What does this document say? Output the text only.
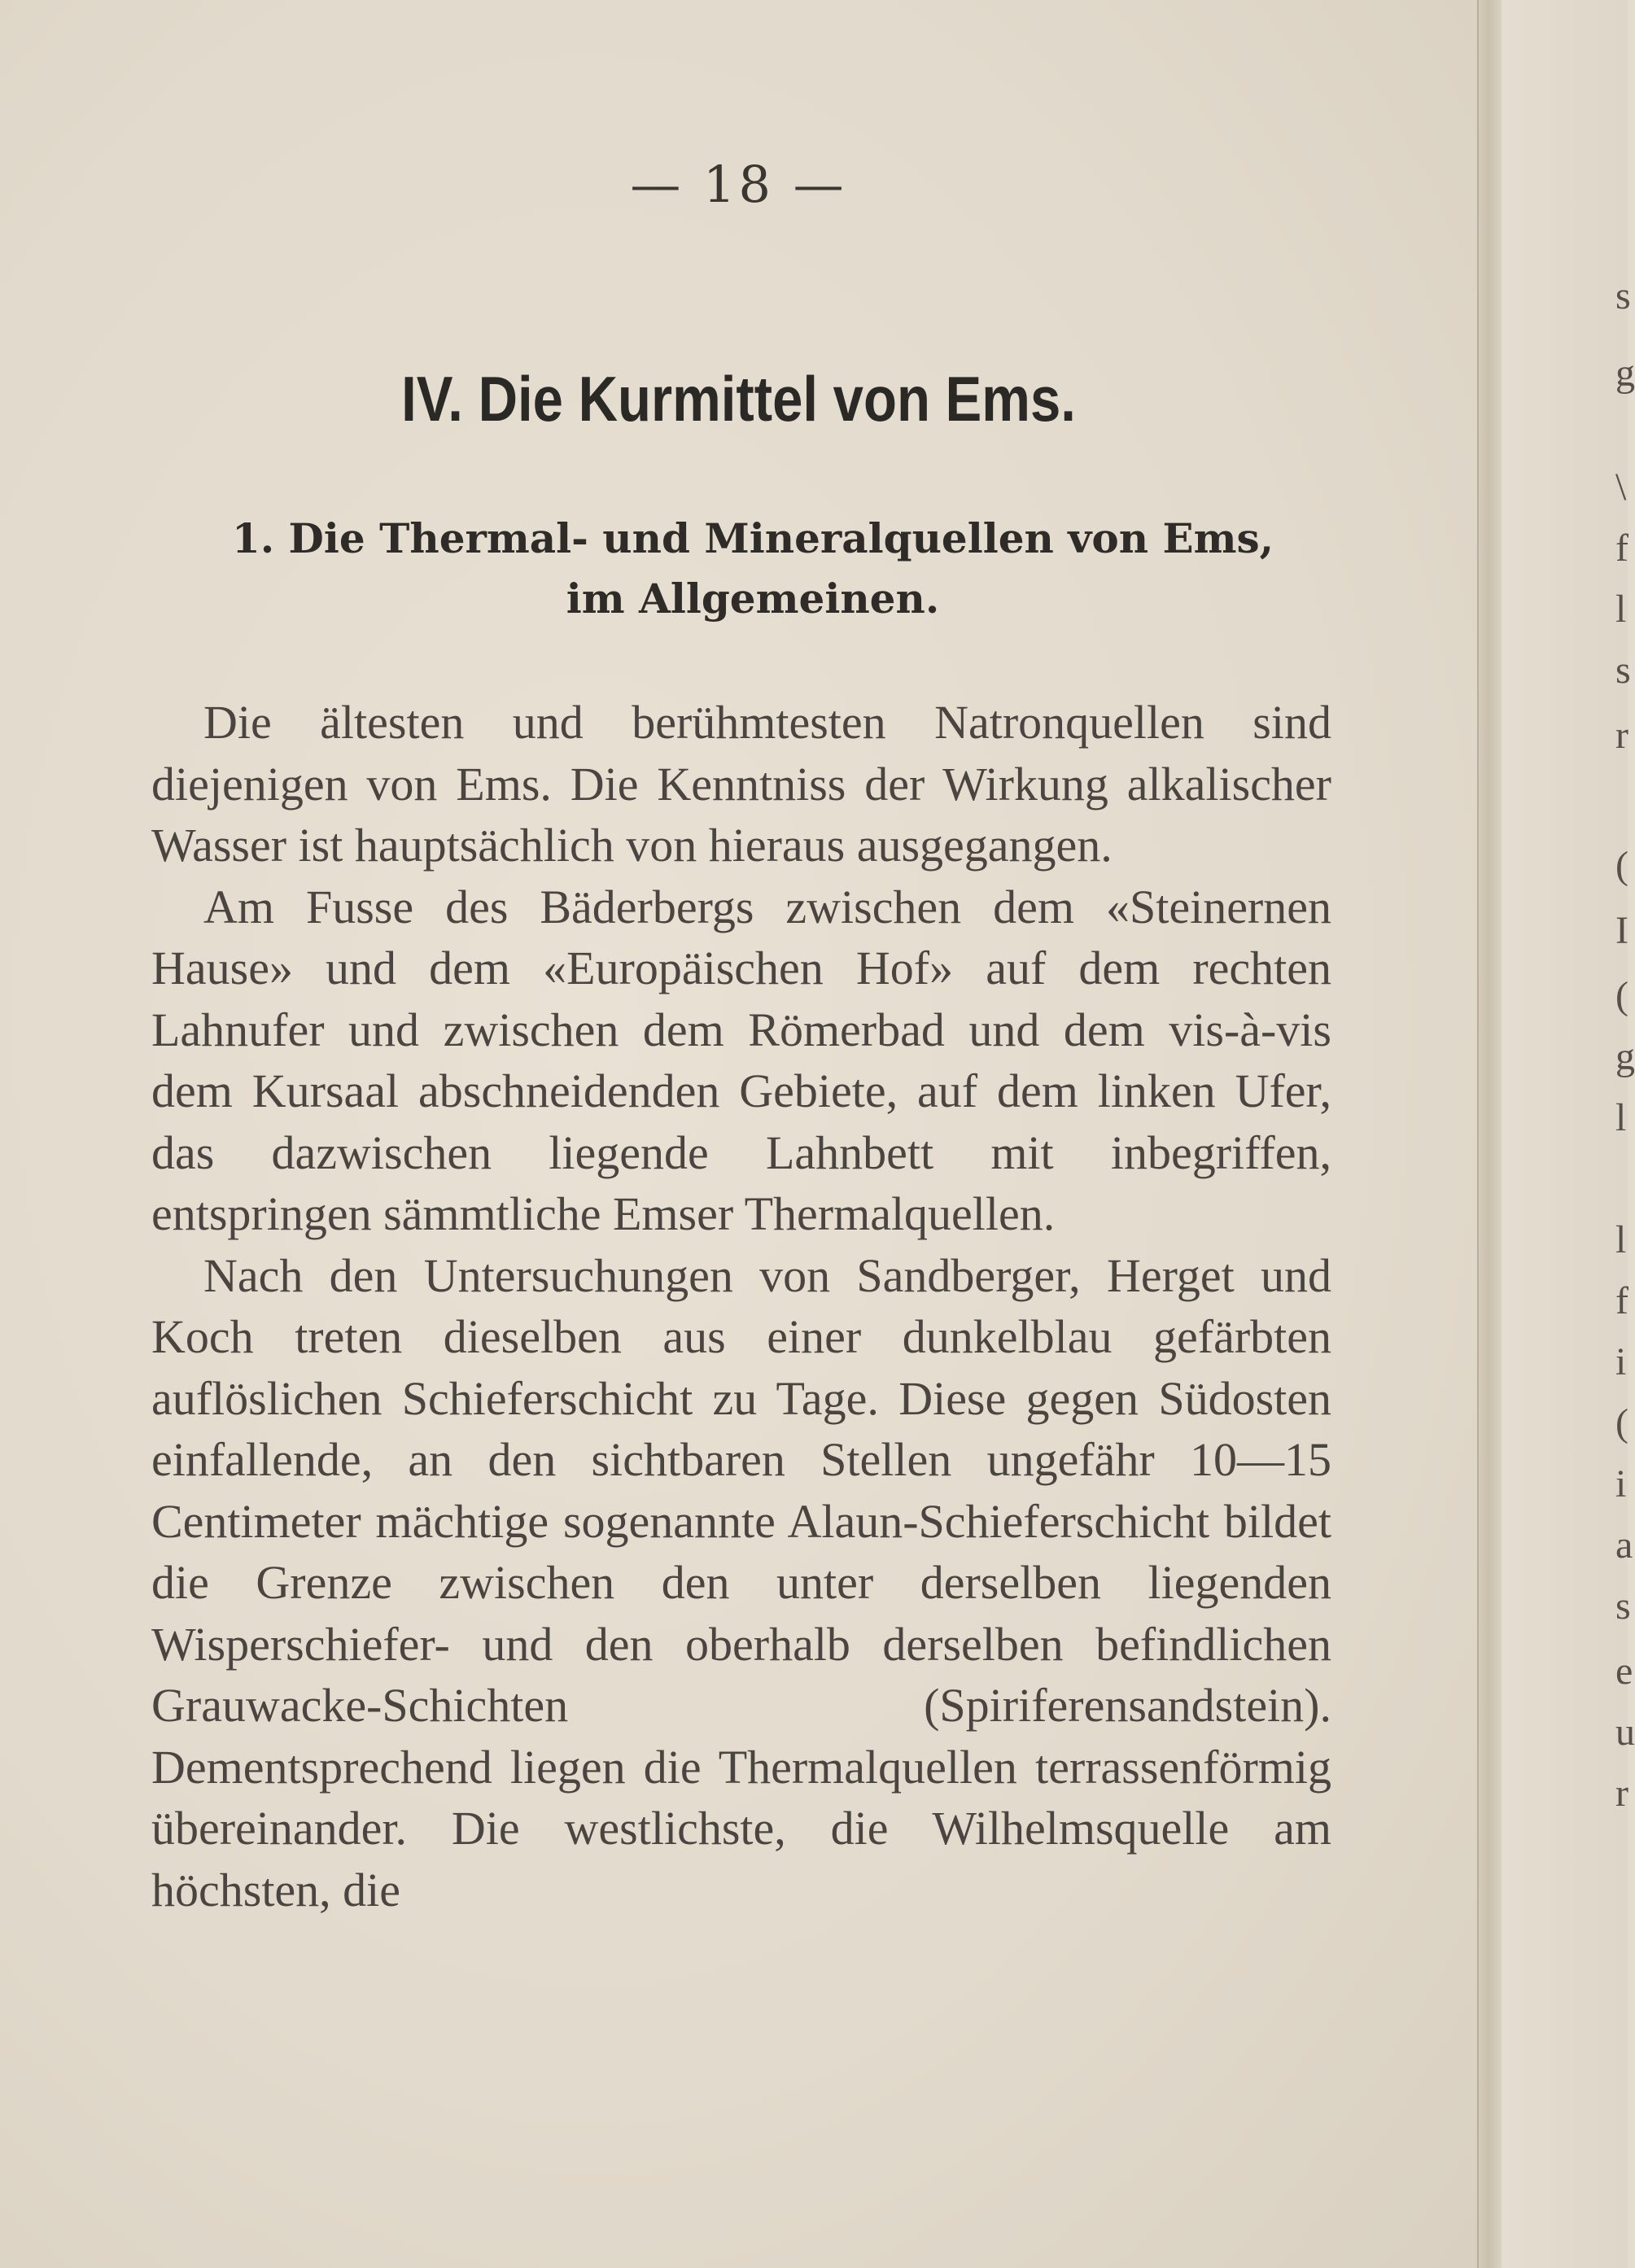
— 18 —
IV. Die Kurmittel von Ems.
1. Die Thermal- und Mineralquellen von Ems,
im Allgemeinen.

Die ältesten und berühmtesten Natronquellen sind diejenigen von Ems. Die Kenntniss der Wirkung alkalischer Wasser ist hauptsächlich von hieraus ausgegangen.

Am Fusse des Bäderbergs zwischen dem «Steinernen Hause» und dem «Europäischen Hof» auf dem rechten Lahnufer und zwischen dem Römerbad und dem vis-à-vis dem Kursaal abschneidenden Gebiete, auf dem linken Ufer, das dazwischen liegende Lahnbett mit inbegriffen, entspringen sämmtliche Emser Thermalquellen.

Nach den Untersuchungen von Sandberger, Herget und Koch treten dieselben aus einer dunkelblau gefärbten auflöslichen Schieferschicht zu Tage. Diese gegen Südosten einfallende, an den sichtbaren Stellen ungefähr 10—15 Centimeter mächtige sogenannte Alaun-Schieferschicht bildet die Grenze zwischen den unter derselben liegenden Wisperschiefer- und den oberhalb derselben befindlichen Grauwacke-Schichten (Spiriferensandstein). Dementsprechend liegen die Thermalquellen terrassenförmig übereinander. Die westlichste, die Wilhelmsquelle am höchsten, die

s
g
\
f
l
s
r
(
I
(
g
l
l
f
i
(
i
a
s
e
u
r
